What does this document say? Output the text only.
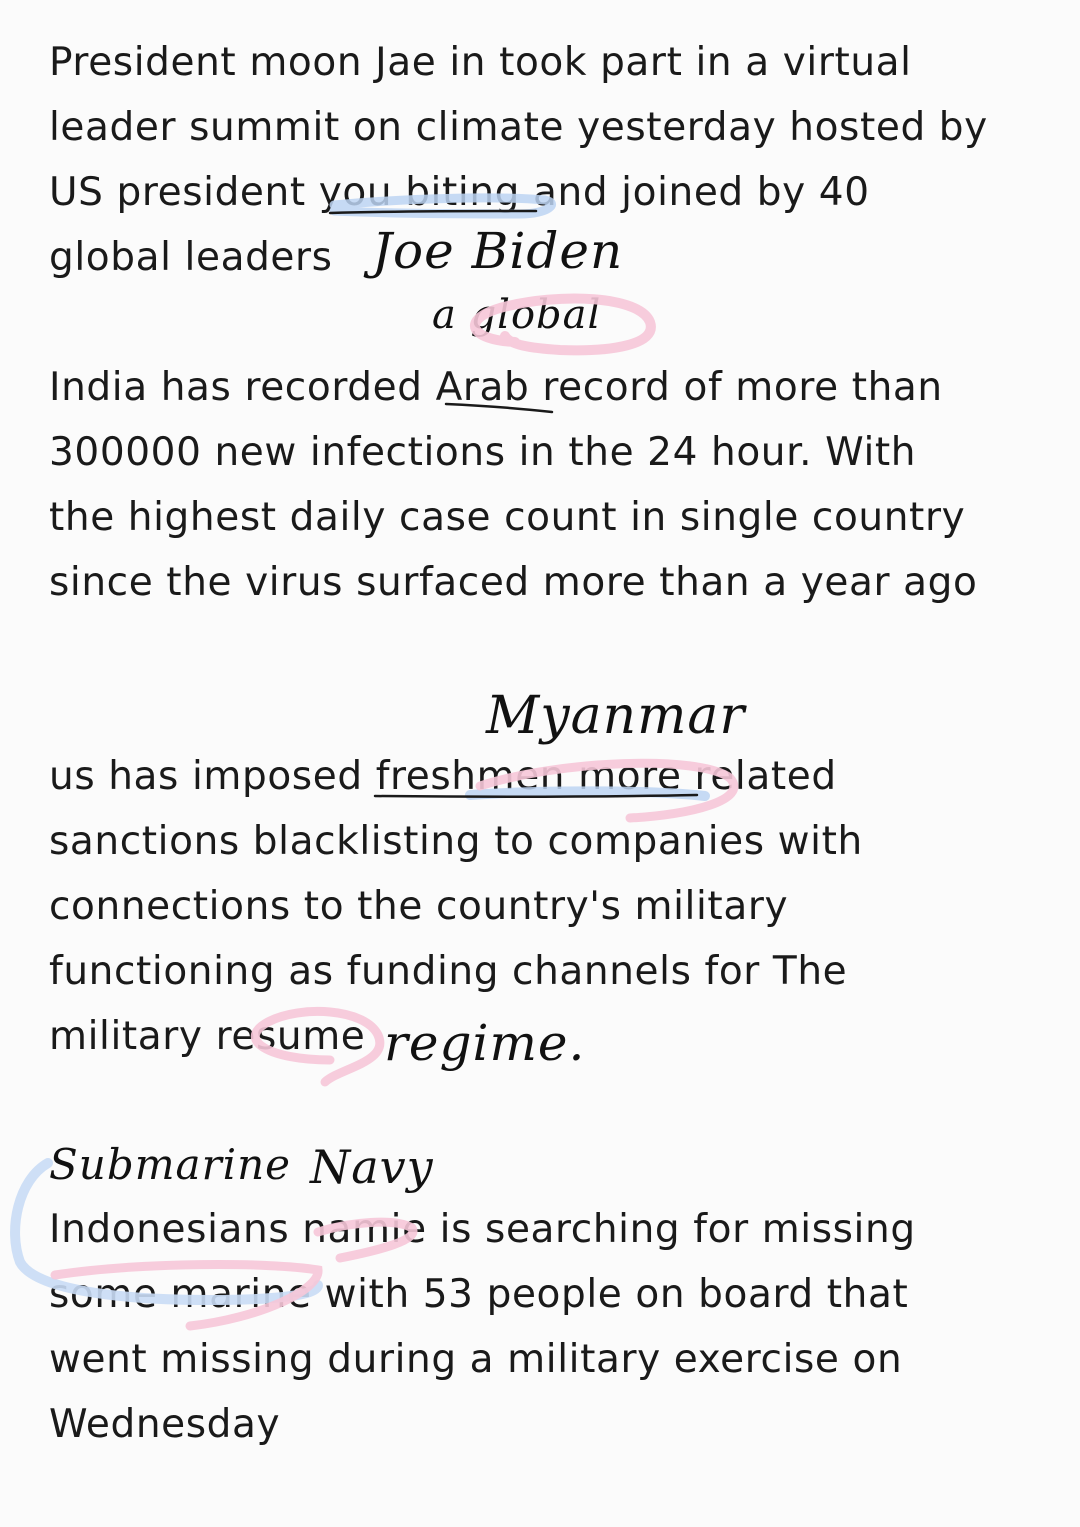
President moon Jae in took part in a virtual
leader summit on climate yesterday hosted by
US president you biting and joined by 40
global leaders
India has recorded Arab record of more than
300000 new infections in the 24 hour. With
the highest daily case count in single country
since the virus surfaced more than a year ago
us has imposed freshmen more related
sanctions blacklisting to companies with
connections to the country's military
functioning as funding channels for The
military resume
Indonesians namie is searching for missing
some marine with 53 people on board that
went missing during a military exercise on
Wednesday
Joe Biden
a global
Myanmar
regime.
Submarine Navy
